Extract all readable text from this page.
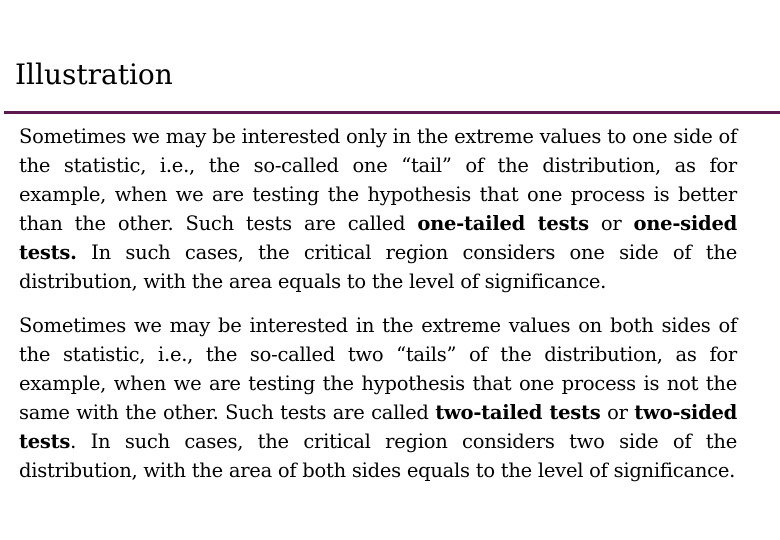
Illustration

Sometimes we may be interested only in the extreme values to one side of the statistic, i.e., the so-called one “tail” of the distribution, as for example, when we are testing the hypothesis that one process is better than the other. Such tests are called one-tailed tests or one-sided tests. In such cases, the critical region considers one side of the distribution, with the area equals to the level of significance.

Sometimes we may be interested in the extreme values on both sides of the statistic, i.e., the so-called two “tails” of the distribution, as for example, when we are testing the hypothesis that one process is not the same with the other. Such tests are called two-tailed tests or two-sided tests. In such cases, the critical region considers two side of the distribution, with the area of both sides equals to the level of significance.
